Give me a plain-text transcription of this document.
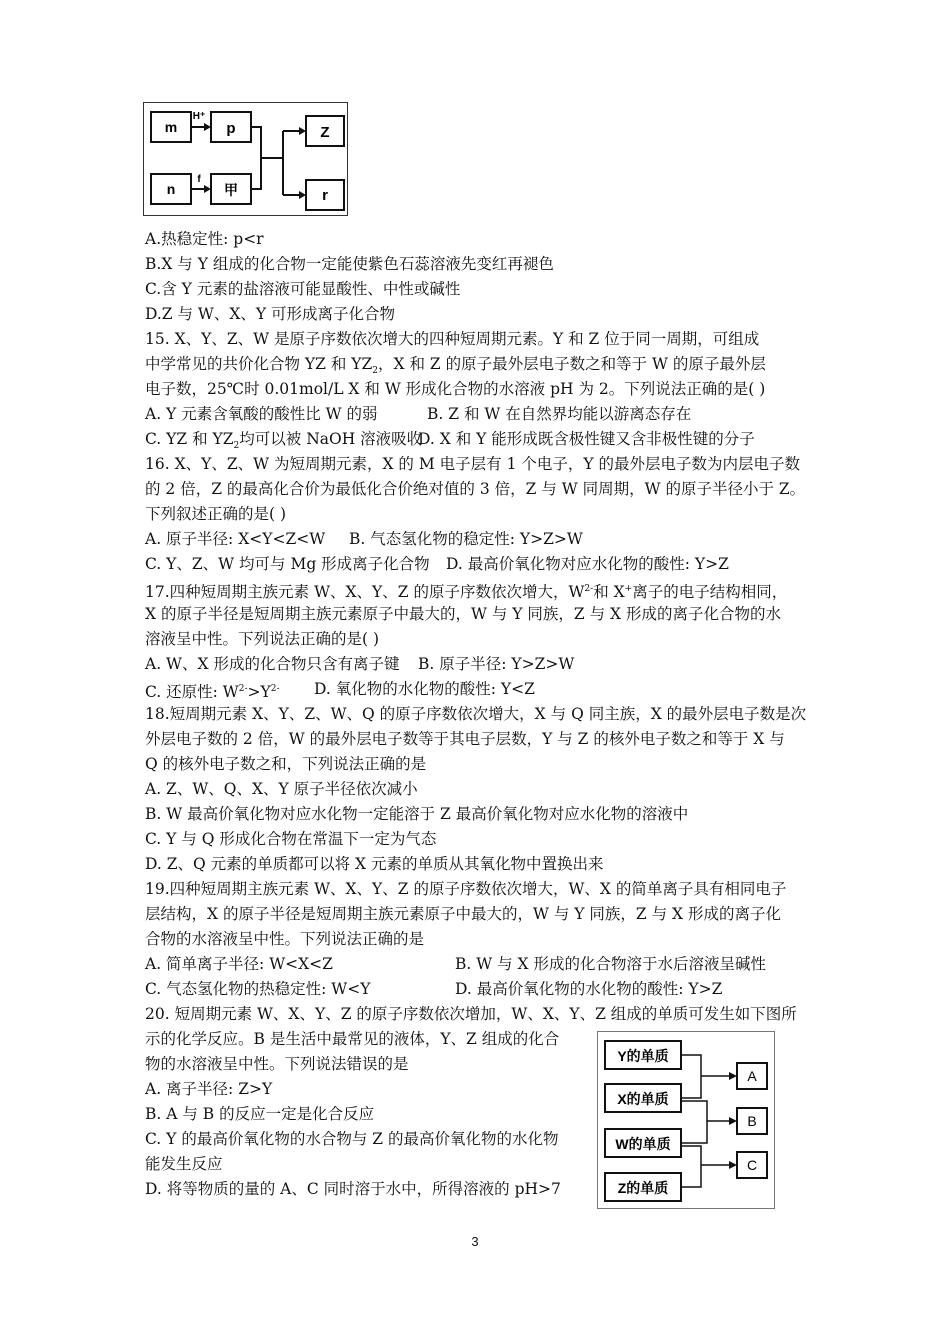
m	p
n	甲
Z
r
H⁺
f
A.热稳定性: p<r
B.X 与 Y 组成的化合物一定能使紫色石蕊溶液先变红再褪色
C.含 Y 元素的盐溶液可能显酸性、中性或碱性
D.Z 与 W、X、Y 可形成离子化合物
15. X、Y、Z、W 是原子序数依次增大的四种短周期元素。Y 和 Z 位于同一周期，可组成
中学常见的共价化合物 YZ 和 $YZ_2$，X 和 Z 的原子最外层电子数之和等于 W 的原子最外层
电子数，25℃时 0.01mol/L X 和 W 形成化合物的水溶液 pH 为 2。下列说法正确的是( )
A. Y 元素含氧酸的酸性比 W 的弱	B. Z 和 W 在自然界均能以游离态存在
C. YZ 和 $YZ_2$均可以被 NaOH 溶液吸收
D. X 和 Y 能形成既含极性键又含非极性键的分子
16. X、Y、Z、W 为短周期元素，X 的 M 电子层有 1 个电子，Y 的最外层电子数为内层电子数
的 2 倍，Z 的最高化合价为最低化合价绝对值的 3 倍，Z 与 W 同周期，W 的原子半径小于 Z。
下列叙述正确的是( )
A. 原子半径: X<Y<Z<W B. 气态氢化物的稳定性: Y>Z>W
C. Y、Z、W 均可与 Mg 形成离子化合物 D. 最高价氧化物对应水化物的酸性: Y>Z
17.四种短周期主族元素 W、X、Y、Z 的原子序数依次增大，$W^{2-}$和 X+离子的电子结构相同，
X 的原子半径是短周期主族元素原子中最大的，W 与 Y 同族，Z 与 X 形成的离子化合物的水
溶液呈中性。下列说法正确的是( )
A. W、X 形成的化合物只含有离子键 B. 原子半径: Y>Z>W
C. 还原性: $W^{2-}>Y^{2-}$ D. 氧化物的水化物的酸性: Y<Z
18.短周期元素 X、Y、Z、W、Q 的原子序数依次增大，X 与 Q 同主族，X 的最外层电子数是次
外层电子数的 2 倍，W 的最外层电子数等于其电子层数，Y 与 Z 的核外电子数之和等于 X 与
Q 的核外电子数之和，下列说法正确的是
A. Z、W、Q、X、Y 原子半径依次减小
B. W 最高价氧化物对应水化物一定能溶于 Z 最高价氧化物对应水化物的溶液中
C. Y 与 Q 形成化合物在常温下一定为气态
D. Z、Q 元素的单质都可以将 X 元素的单质从其氧化物中置换出来
19.四种短周期主族元素 W、X、Y、Z 的原子序数依次增大，W、X 的简单离子具有相同电子
层结构，X 的原子半径是短周期主族元素原子中最大的，W 与 Y 同族，Z 与 X 形成的离子化
合物的水溶液呈中性。下列说法正确的是
A. 简单离子半径: W<X<Z	B. W 与 X 形成的化合物溶于水后溶液呈碱性
C. 气态氢化物的热稳定性: W<Y	D. 最高价氧化物的水化物的酸性: Y>Z
20. 短周期元素 W、X、Y、Z 的原子序数依次增加，W、X、Y、Z 组成的单质可发生如下图所
示的化学反应。B 是生活中最常见的液体，Y、Z 组成的化合
物的水溶液呈中性。下列说法错误的是
A. 离子半径: Z>Y
B. A 与 B 的反应一定是化合反应
C. Y 的最高价氧化物的水合物与 Z 的最高价氧化物的水化物
能发生反应
D. 将等物质的量的 A、C 同时溶于水中，所得溶液的 pH>7
Y的单质
X的单质
W的单质
Z的单质
A
B
C
3
